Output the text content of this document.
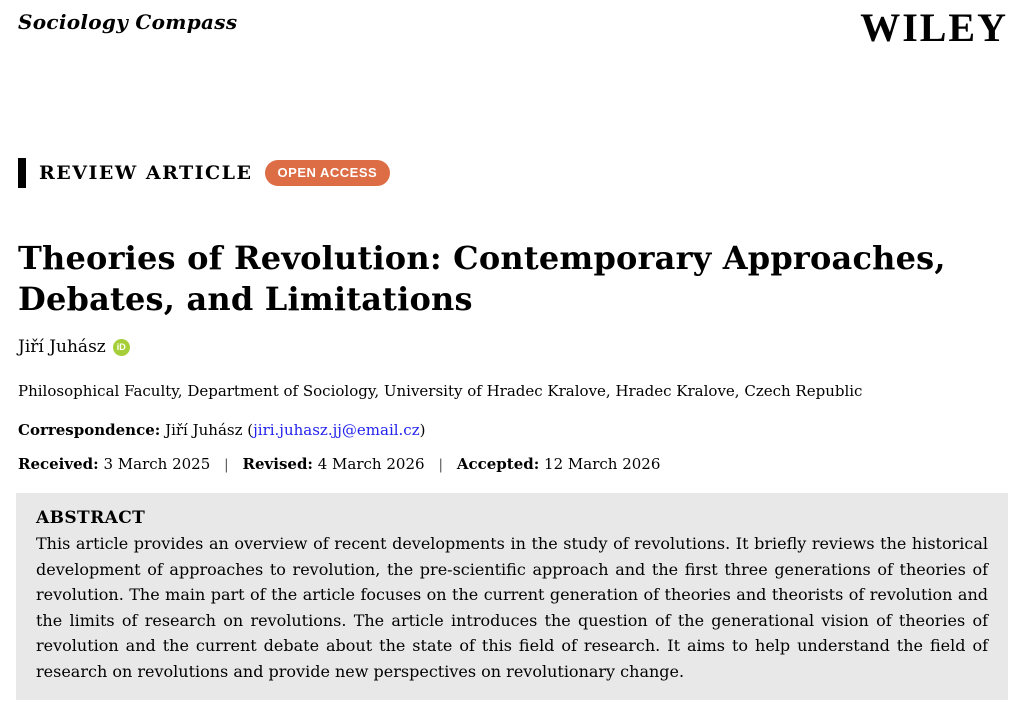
Sociology Compass	WILEY
REVIEW ARTICLE	OPEN ACCESS
Theories of Revolution: Contemporary Approaches, Debates, and Limitations
Jiří Juhász	iD
Philosophical Faculty, Department of Sociology, University of Hradec Kralove, Hradec Kralove, Czech Republic
Correspondence: Jiří Juhász (jiri.juhasz.jj@email.cz)
Received: 3 March 2025 | Revised: 4 March 2026 | Accepted: 12 March 2026
ABSTRACT
This article provides an overview of recent developments in the study of revolutions. It briefly reviews the historical development of approaches to revolution, the pre-scientific approach and the first three generations of theories of revolution. The main part of the article focuses on the current generation of theories and theorists of revolution and the limits of research on revolutions. The article introduces the question of the generational vision of theories of revolution and the current debate about the state of this field of research. It aims to help understand the field of research on revolutions and provide new perspectives on revolutionary change.
